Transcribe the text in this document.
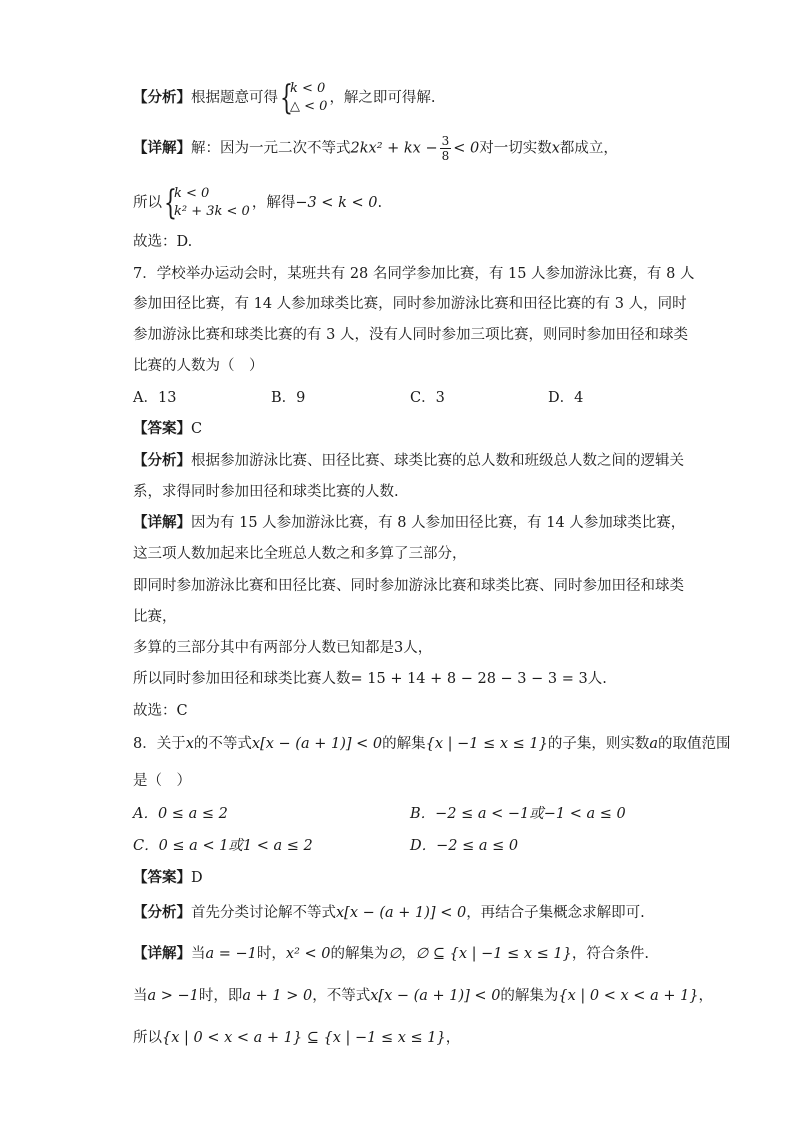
【分析】根据题意可得 {
k < 0
△ < 0
，解之即可得解.
【详解】解：因为一元二次不等式2kx² + kx − $\frac{3}{8} < 0$对一切实数x都成立，
所以 {
k < 0
k² + 3k < 0
，解得−3 < k < 0.
故选：D.
7．学校举办运动会时，某班共有 28 名同学参加比赛，有 15 人参加游泳比赛，有 8 人
参加田径比赛，有 14 人参加球类比赛，同时参加游泳比赛和田径比赛的有 3 人，同时
参加游泳比赛和球类比赛的有 3 人，没有人同时参加三项比赛，则同时参加田径和球类
比赛的人数为（　）
A．13	B．9	C．3	D．4
【答案】C
【分析】根据参加游泳比赛、田径比赛、球类比赛的总人数和班级总人数之间的逻辑关
系，求得同时参加田径和球类比赛的人数.
【详解】因为有 15 人参加游泳比赛，有 8 人参加田径比赛，有 14 人参加球类比赛，
这三项人数加起来比全班总人数之和多算了三部分，
即同时参加游泳比赛和田径比赛、同时参加游泳比赛和球类比赛、同时参加田径和球类
比赛，
多算的三部分其中有两部分人数已知都是3人，
所以同时参加田径和球类比赛人数= 15 + 14 + 8 − 28 − 3 − 3 = 3人.
故选：C
8．关于x的不等式x[x − (a + 1)] < 0的解集{x | −1 ≤ x ≤ 1}的子集，则实数a的取值范围
是（　）
A．0 ≤ a ≤ 2	B．−2 ≤ a < −1或−1 < a ≤ 0
C．0 ≤ a < 1或1 < a ≤ 2	D．−2 ≤ a ≤ 0
【答案】D
【分析】首先分类讨论解不等式x[x − (a + 1)] < 0，再结合子集概念求解即可.
【详解】当a = −1时，x² < 0的解集为∅，∅ ⊆ {x | −1 ≤ x ≤ 1}，符合条件.
当a > −1时，即a + 1 > 0，不等式x[x − (a + 1)] < 0的解集为{x | 0 < x < a + 1}，
所以{x | 0 < x < a + 1} ⊆ {x | −1 ≤ x ≤ 1}，
